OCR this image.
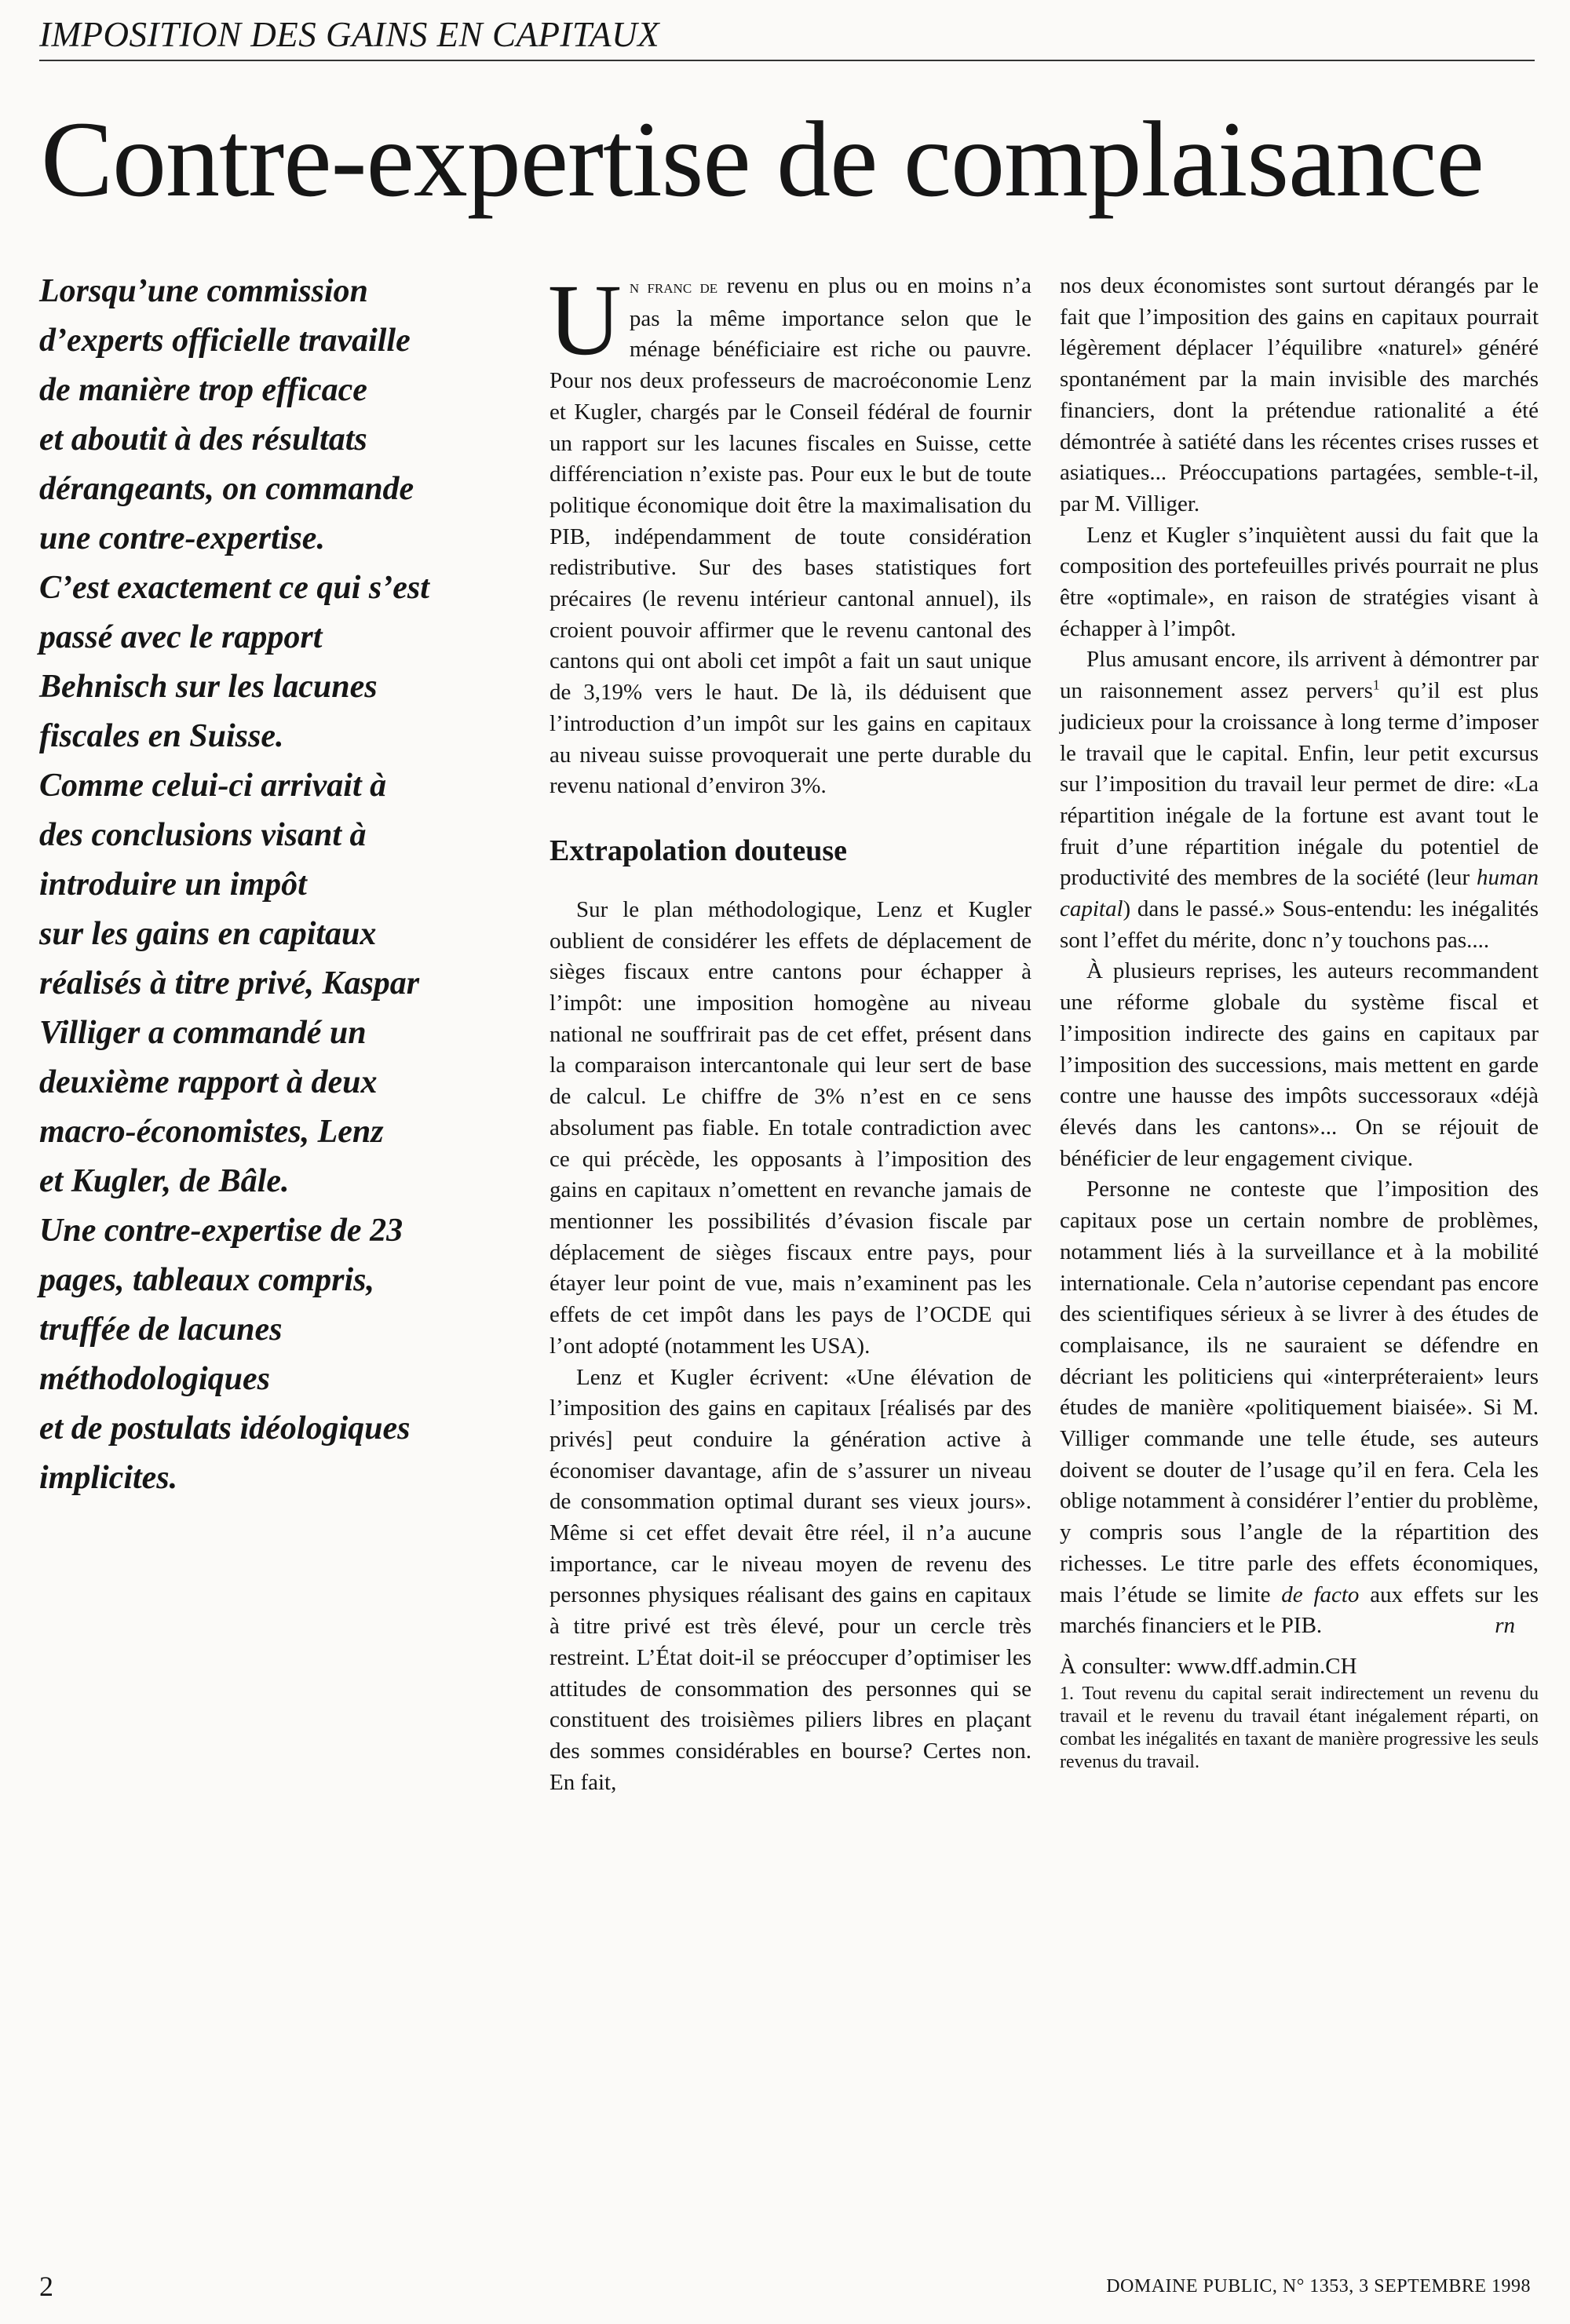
IMPOSITION DES GAINS EN CAPITAUX
Contre-expertise de complaisance

Lorsqu’une commission

d’experts officielle travaille

de manière trop efficace

et aboutit à des résultats

dérangeants, on commande

une contre-expertise.

C’est exactement ce qui s’est

passé avec le rapport

Behnisch sur les lacunes

fiscales en Suisse.

Comme celui-ci arrivait à

des conclusions visant à

introduire un impôt

sur les gains en capitaux

réalisés à titre privé, Kaspar

Villiger a commandé un

deuxième rapport à deux

macro-économistes, Lenz

et Kugler, de Bâle.

Une contre-expertise de 23

pages, tableaux compris,

truffée de lacunes

méthodologiques

et de postulats idéologiques

implicites.

Un franc de revenu en plus ou en moins n’a pas la même importance selon que le ménage bénéficiaire est riche ou pauvre. Pour nos deux professeurs de macroéconomie Lenz et Kugler, chargés par le Conseil fédéral de fournir un rapport sur les lacunes fiscales en Suisse, cette différenciation n’existe pas. Pour eux le but de toute politique économique doit être la maximalisation du PIB, indépendamment de toute considération redistributive. Sur des bases statistiques fort précaires (le revenu intérieur cantonal annuel), ils croient pouvoir affirmer que le revenu cantonal des cantons qui ont aboli cet impôt a fait un saut unique de 3,19% vers le haut. De là, ils déduisent que l’introduction d’un impôt sur les gains en capitaux au niveau suisse provoquerait une perte durable du revenu national d’environ 3%.

Extrapolation douteuse

Sur le plan méthodologique, Lenz et Kugler oublient de considérer les effets de déplacement de sièges fiscaux entre cantons pour échapper à l’impôt: une imposition homogène au niveau national ne souffrirait pas de cet effet, présent dans la comparaison intercantonale qui leur sert de base de calcul. Le chiffre de 3% n’est en ce sens absolument pas fiable. En totale contradiction avec ce qui précède, les opposants à l’imposition des gains en capitaux n’omettent en revanche jamais de mentionner les possibilités d’évasion fiscale par déplacement de sièges fiscaux entre pays, pour étayer leur point de vue, mais n’examinent pas les effets de cet impôt dans les pays de l’OCDE qui l’ont adopté (notamment les USA).

Lenz et Kugler écrivent: «Une élévation de l’imposition des gains en capitaux [réalisés par des privés] peut conduire la génération active à économiser davantage, afin de s’assurer un niveau de consommation optimal durant ses vieux jours». Même si cet effet devait être réel, il n’a aucune importance, car le niveau moyen de revenu des personnes physiques réalisant des gains en capitaux à titre privé est très élevé, pour un cercle très restreint. L’État doit-il se préoccuper d’optimiser les attitudes de consommation des personnes qui se constituent des troisièmes piliers libres en plaçant des sommes considérables en bourse? Certes non. En fait,

nos deux économistes sont surtout dérangés par le fait que l’imposition des gains en capitaux pourrait légèrement déplacer l’équilibre «naturel» généré spontanément par la main invisible des marchés financiers, dont la prétendue rationalité a été démontrée à satiété dans les récentes crises russes et asiatiques... Préoccupations partagées, semble-t-il, par M. Villiger.

Lenz et Kugler s’inquiètent aussi du fait que la composition des portefeuilles privés pourrait ne plus être «optimale», en raison de stratégies visant à échapper à l’impôt.

Plus amusant encore, ils arrivent à démontrer par un raisonnement assez pervers$^1$ qu’il est plus judicieux pour la croissance à long terme d’imposer le travail que le capital. Enfin, leur petit excursus sur l’imposition du travail leur permet de dire: «La répartition inégale de la fortune est avant tout le fruit d’une répartition inégale du potentiel de productivité des membres de la société (leur human capital) dans le passé.» Sous-entendu: les inégalités sont l’effet du mérite, donc n’y touchons pas....

À plusieurs reprises, les auteurs recommandent une réforme globale du système fiscal et l’imposition indirecte des gains en capitaux par l’imposition des successions, mais mettent en garde contre une hausse des impôts successoraux «déjà élevés dans les cantons»... On se réjouit de bénéficier de leur engagement civique.

Personne ne conteste que l’imposition des capitaux pose un certain nombre de problèmes, notamment liés à la surveillance et à la mobilité internationale. Cela n’autorise cependant pas encore des scientifiques sérieux à se livrer à des études de complaisance, ils ne sauraient se défendre en décriant les politiciens qui «interpréteraient» leurs études de manière «politiquement biaisée». Si M. Villiger commande une telle étude, ses auteurs doivent se douter de l’usage qu’il en fera. Cela les oblige notamment à considérer l’entier du problème, y compris sous l’angle de la répartition des richesses. Le titre parle des effets économiques, mais l’étude se limite de facto aux effets sur les marchés financiers et le PIB.	rn

À consulter: www.dff.admin.CH

1. Tout revenu du capital serait indirectement un revenu du travail et le revenu du travail étant inégalement réparti, on combat les inégalités en taxant de manière progressive les seuls revenus du travail.

2	DOMAINE PUBLIC, N° 1353, 3 SEPTEMBRE 1998
